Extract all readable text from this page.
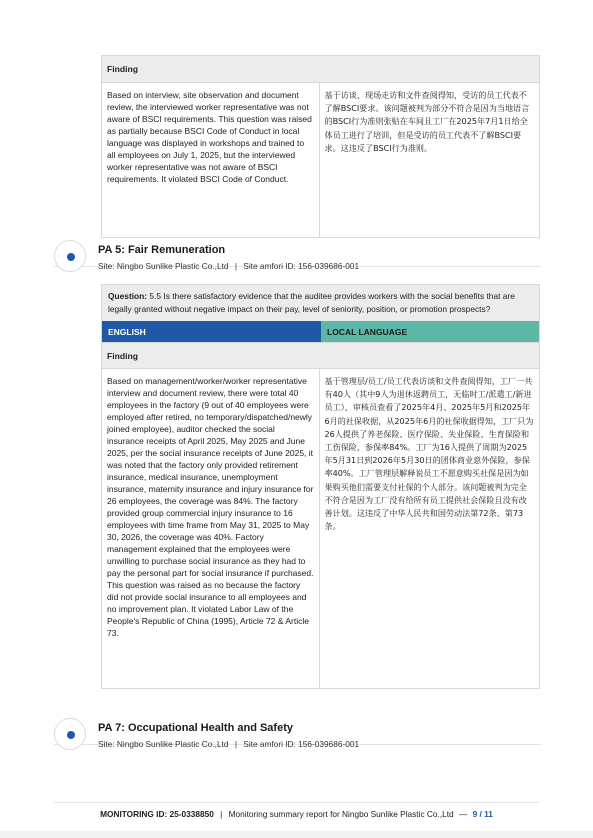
Finding
Based on interview, site observation and document review, the interviewed worker representative was not aware of BSCI requirements. This question was raised as partially because BSCI Code of Conduct in local language was displayed in workshops and trained to all employees on July 1, 2025, but the interviewed worker representative was not aware of BSCI requirements. It violated BSCI Code of Conduct.
基于访谈、现场走访和文件查阅得知，受访的员工代表不了解BSCI要求。该问题被判为部分不符合是因为当地语言的BSCI行为准则张贴在车间且工厂在2025年7月1日给全体员工进行了培训，但是受访的员工代表不了解BSCI要求。这违反了BSCI行为准则。
PA 5: Fair Remuneration
Site: Ningbo Sunlike Plastic Co.,Ltd | Site amfori ID: 156-039686-001
Question: 5.5 Is there satisfactory evidence that the auditee provides workers with the social benefits that are legally granted without negative impact on their pay, level of seniority, position, or promotion prospects?
ENGLISH	LOCAL LANGUAGE
Finding
Based on management/worker/worker representative interview and document review, there were total 40 employees in the factory (9 out of 40 employees were employed after retired, no temporary/dispatched/newly joined employee), auditor checked the social insurance receipts of April 2025, May 2025 and June 2025, per the social insurance receipts of June 2025, it was noted that the factory only provided retirement insurance, medical insurance, unemployment insurance, maternity insurance and injury insurance for 26 employees, the coverage was 84%. The factory provided group commercial injury insurance to 16 employees with time frame from May 31, 2025 to May 30, 2026, the coverage was 40%. Factory management explained that the employees were unwilling to purchase social insurance as they had to pay the personal part for social insurance if purchased. This question was raised as no because the factory did not provide social insurance to all employees and no improvement plan. It violated Labor Law of the People's Republic of China (1995), Article 72 & Article 73.
基于管理层/员工/员工代表访谈和文件查阅得知，工厂一共有40人（其中9人为退休返聘员工，无临时工/派遣工/新进员工），审核员查看了2025年4月、2025年5月和2025年6月的社保收据，从2025年6月的社保收据得知，工厂只为26人提供了养老保险、医疗保险、失业保险、生育保险和工伤保险，参保率84%。工厂为16人提供了周期为2025年5月31日到2026年5月30日的团体商业意外保险，参保率40%。工厂管理层解释说员工不愿意购买社保是因为如果购买他们需要支付社保的个人部分。该问题被判为完全不符合是因为工厂没有给所有员工提供社会保险且没有改善计划。这违反了中华人民共和国劳动法第72条、第73条。
PA 7: Occupational Health and Safety
Site: Ningbo Sunlike Plastic Co.,Ltd | Site amfori ID: 156-039686-001
MONITORING ID: 25-0338850 | Monitoring summary report for Ningbo Sunlike Plastic Co.,Ltd — 9 / 11
